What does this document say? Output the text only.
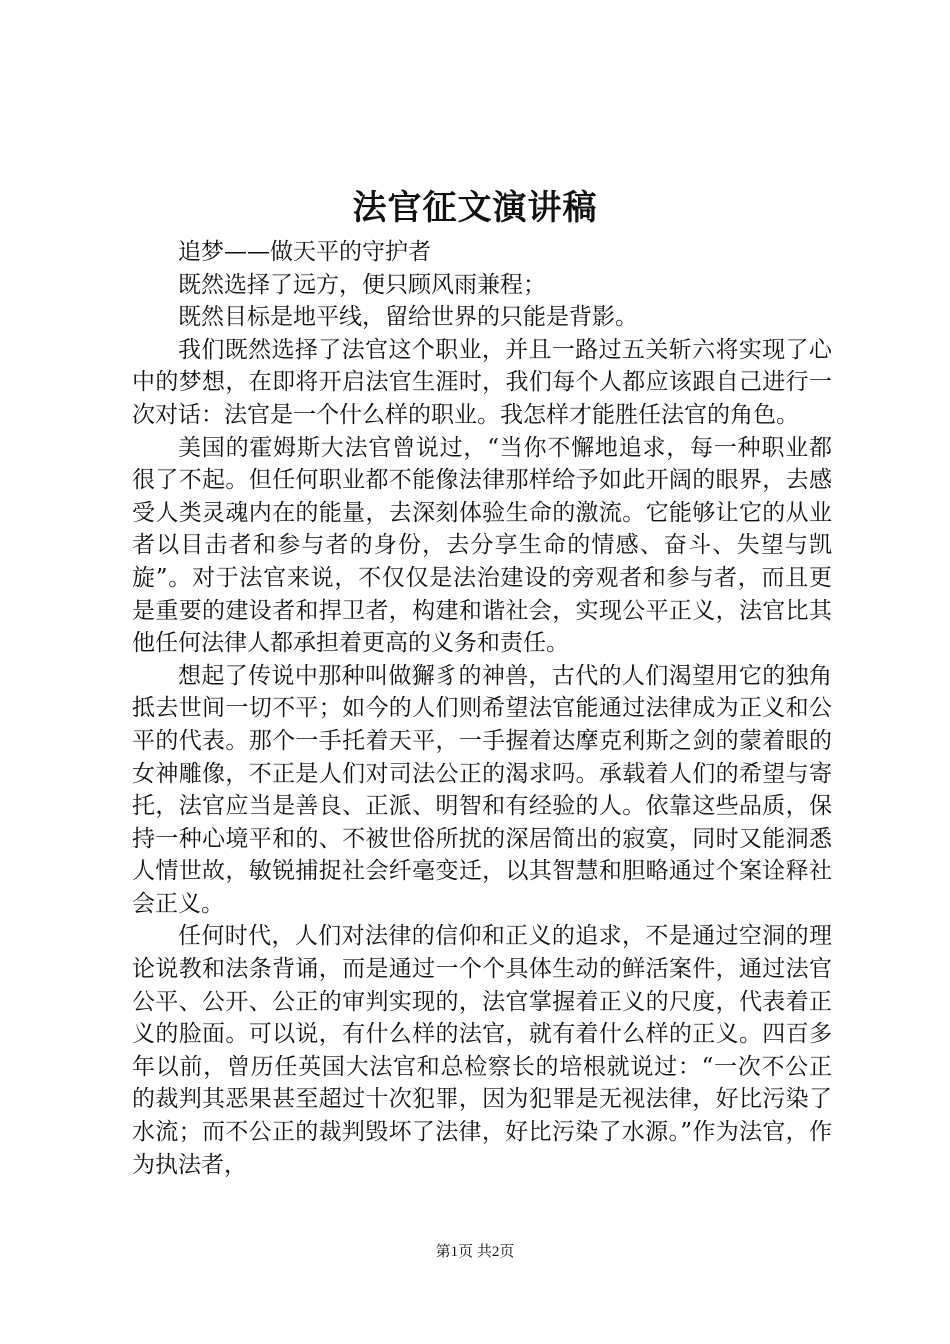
法官征文演讲稿

追梦——做天平的守护者

既然选择了远方，便只顾风雨兼程；

既然目标是地平线，留给世界的只能是背影。

我们既然选择了法官这个职业，并且一路过五关斩六将实现了心中的梦想，在即将开启法官生涯时，我们每个人都应该跟自己进行一次对话：法官是一个什么样的职业。我怎样才能胜任法官的角色。

美国的霍姆斯大法官曾说过，“当你不懈地追求，每一种职业都很了不起。但任何职业都不能像法律那样给予如此开阔的眼界，去感受人类灵魂内在的能量，去深刻体验生命的激流。它能够让它的从业者以目击者和参与者的身份，去分享生命的情感、奋斗、失望与凯旋”。对于法官来说，不仅仅是法治建设的旁观者和参与者，而且更是重要的建设者和捍卫者，构建和谐社会，实现公平正义，法官比其他任何法律人都承担着更高的义务和责任。

想起了传说中那种叫做獬豸的神兽，古代的人们渴望用它的独角抵去世间一切不平；如今的人们则希望法官能通过法律成为正义和公平的代表。那个一手托着天平，一手握着达摩克利斯之剑的蒙着眼的女神雕像，不正是人们对司法公正的渴求吗。承载着人们的希望与寄托，法官应当是善良、正派、明智和有经验的人。依靠这些品质，保持一种心境平和的、不被世俗所扰的深居简出的寂寞，同时又能洞悉人情世故，敏锐捕捉社会纤毫变迁，以其智慧和胆略通过个案诠释社会正义。

任何时代，人们对法律的信仰和正义的追求，不是通过空洞的理论说教和法条背诵，而是通过一个个具体生动的鲜活案件，通过法官公平、公开、公正的审判实现的，法官掌握着正义的尺度，代表着正义的脸面。可以说，有什么样的法官，就有着什么样的正义。四百多年以前，曾历任英国大法官和总检察长的培根就说过：“一次不公正的裁判其恶果甚至超过十次犯罪，因为犯罪是无视法律，好比污染了水流；而不公正的裁判毁坏了法律，好比污染了水源。”作为法官，作为执法者，

第1页 共2页
